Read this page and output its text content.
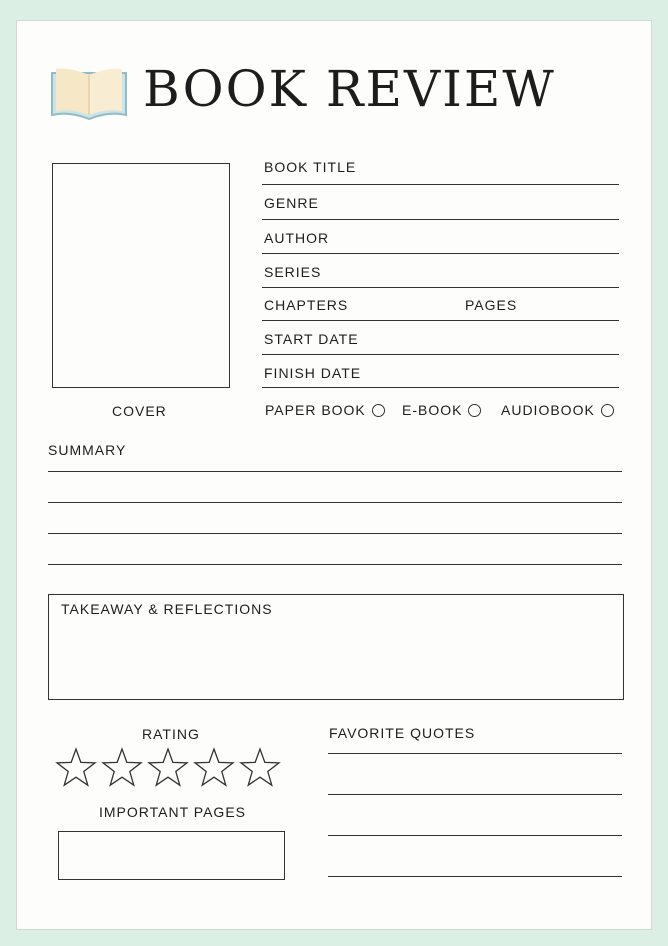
BOOK REVIEW
COVER
BOOK TITLE
GENRE
AUTHOR
SERIES
CHAPTERS	PAGES
START DATE
FINISH DATE
PAPER BOOK	E-BOOK	AUDIOBOOK
SUMMARY
TAKEAWAY & REFLECTIONS
RATING
IMPORTANT PAGES
FAVORITE QUOTES
